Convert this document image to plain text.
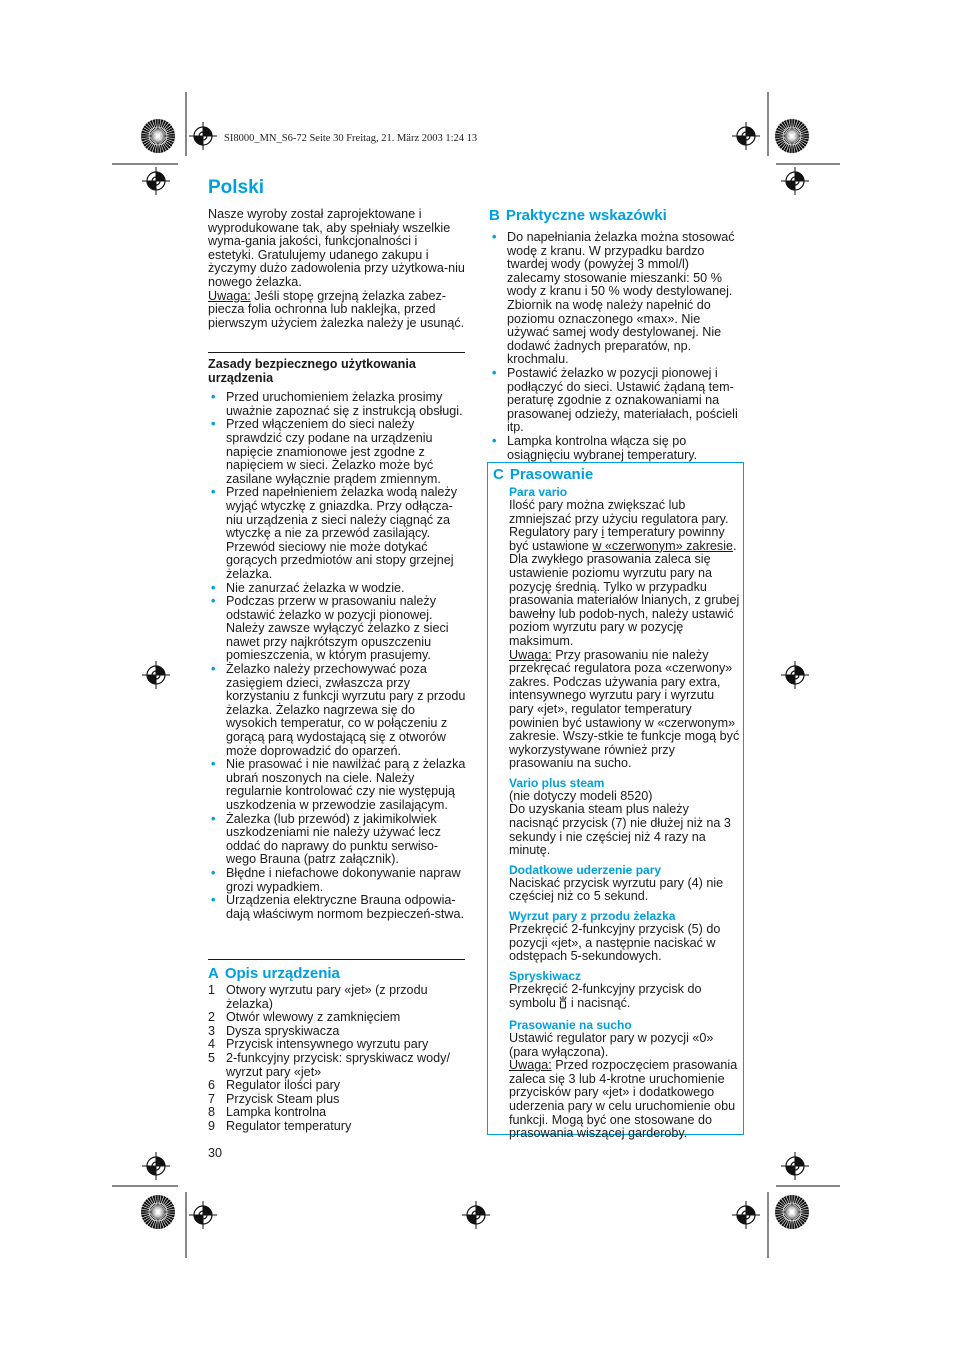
SI8000_MN_S6-72 Seite 30 Freitag, 21. März 2003 1:24 13
Polski

Nasze wyroby został zaprojektowane i wyprodukowane tak, aby spełniały wszelkie wyma-gania jakości, funkcjonalności i estetyki. Gratulujemy udanego zakupu i życzymy dużo zadowolenia przy użytkowa-niu nowego żelazka.

Uwaga: Jeśli stopę grzejną żelazka zabez-piecza folia ochronna lub naklejka, przed pierwszym użyciem żalezka należy je usunąć.

Zasady bezpiecznego użytkowania urządzenia

• Przed uruchomieniem żelazka prosimy uważnie zapoznać się z instrukcją obsługi.
• Przed włączeniem do sieci należy sprawdzić czy podane na urządzeniu napięcie znamionowe jest zgodne z napięciem w sieci. Żelazko może być zasilane wyłącznie prądem zmiennym.
• Przed napełnieniem żelazka wodą należy wyjąć wtyczkę z gniazdka. Przy odłącza-niu urządzenia z sieci należy ciągnąć za wtyczkę a nie za przewód zasilający. Przewód sieciowy nie może dotykać gorących przedmiotów ani stopy grzejnej żelazka.
• Nie zanurzać żelazka w wodzie.
• Podczas przerw w prasowaniu należy odstawić żelazko w pozycji pionowej. Należy zawsze wyłączyć żelazko z sieci nawet przy najkrótszym opuszczeniu pomieszczenia, w którym prasujemy.
• Żelazko należy przechowywać poza zasięgiem dzieci, zwłaszcza przy korzystaniu z funkcji wyrzutu pary z przodu żelazka. Żelazko nagrzewa się do wysokich temperatur, co w połączeniu z gorącą parą wydostającą się z otworów może doprowadzić do oparzeń.
• Nie prasować i nie nawilżać parą z żelazka ubrań noszonych na ciele. Należy regularnie kontrolować czy nie występują uszkodzenia w przewodzie zasilającym.
• Żalezka (lub przewód) z jakimikolwiek uszkodzeniami nie należy używać lecz oddać do naprawy do punktu serwiso-wego Brauna (patrz załącznik).
• Błędne i niefachowe dokonywanie napraw grozi wypadkiem.
• Urządzenia elektryczne Brauna odpowia-dają właściwym normom bezpieczeń-stwa.

A Opis urządzenia

1 Otwory wyrzutu pary «jet» (z przodu żelazka)
2 Otwór wlewowy z zamknięciem
3 Dysza spryskiwacza
4 Przycisk intensywnego wyrzutu pary
5 2-funkcyjny przycisk: spryskiwacz wody/ wyrzut pary «jet»
6 Regulator ilości pary
7 Przycisk Steam plus
8 Lampka kontrolna
9 Regulator temperatury
30

B Praktyczne wskazówki

• Do napełniania żelazka można stosować wodę z kranu. W przypadku bardzo twardej wody (powyżej 3 mmol/l) zalecamy stosowanie mieszanki: 50 % wody z kranu i 50 % wody destylowanej. Zbiornik na wodę należy napełnić do poziomu oznaczonego «max». Nie używać samej wody destylowanej. Nie dodawć żadnych preparatów, np. krochmalu.
• Postawić żelazko w pozycji pionowej i podłączyć do sieci. Ustawić żądaną tem-peraturę zgodnie z oznakowaniami na prasowanej odzieży, materiałach, pościeli itp.
• Lampka kontrolna włącza się po osiągnięciu wybranej temperatury.

C Prasowanie

Para vario

Ilość pary można zwiększać lub zmniejszać przy użyciu regulatora pary. Regulatory pary i temperatury powinny być ustawione w «czerwonym» zakresie. Dla zwykłego prasowania zaleca się ustawienie poziomu wyrzutu pary na pozycję średnią. Tylko w przypadku prasowania materiałów lnianych, z grubej bawełny lub podob-nych, należy ustawić poziom wyrzutu pary w pozycję maksimum.

Uwaga: Przy prasowaniu nie należy przekręcać regulatora poza «czerwony» zakres. Podczas używania pary extra, intensywnego wyrzutu pary i wyrzutu pary «jet», regulator temperatury powinien być ustawiony w «czerwonym» zakresie. Wszy-stkie te funkcje mogą być wykorzystywane również przy prasowaniu na sucho.

Vario plus steam

(nie dotyczy modeli 8520)

Do uzyskania steam plus należy nacisnąć przycisk (7) nie dłużej niż na 3 sekundy i nie częściej niż 4 razy na minutę.

Dodatkowe uderzenie pary

Naciskać przycisk wyrzutu pary (4) nie częściej niż co 5 sekund.

Wyrzut pary z przodu żelazka

Przekręcić 2-funkcyjny przycisk (5) do pozycji «jet», a następnie naciskać w odstępach 5-sekundowych.

Spryskiwacz

Przekręcić 2-funkcyjny przycisk do symbolu  i nacisnąć.

Prasowanie na sucho

Ustawić regulator pary w pozycji «0» (para wyłączona).

Uwaga: Przed rozpoczęciem prasowania zaleca się 3 lub 4-krotne uruchomienie przycisków pary «jet» i dodatkowego uderzenia pary w celu uruchomienie obu funkcji. Mogą być one stosowane do prasowania wiszącej garderoby.
